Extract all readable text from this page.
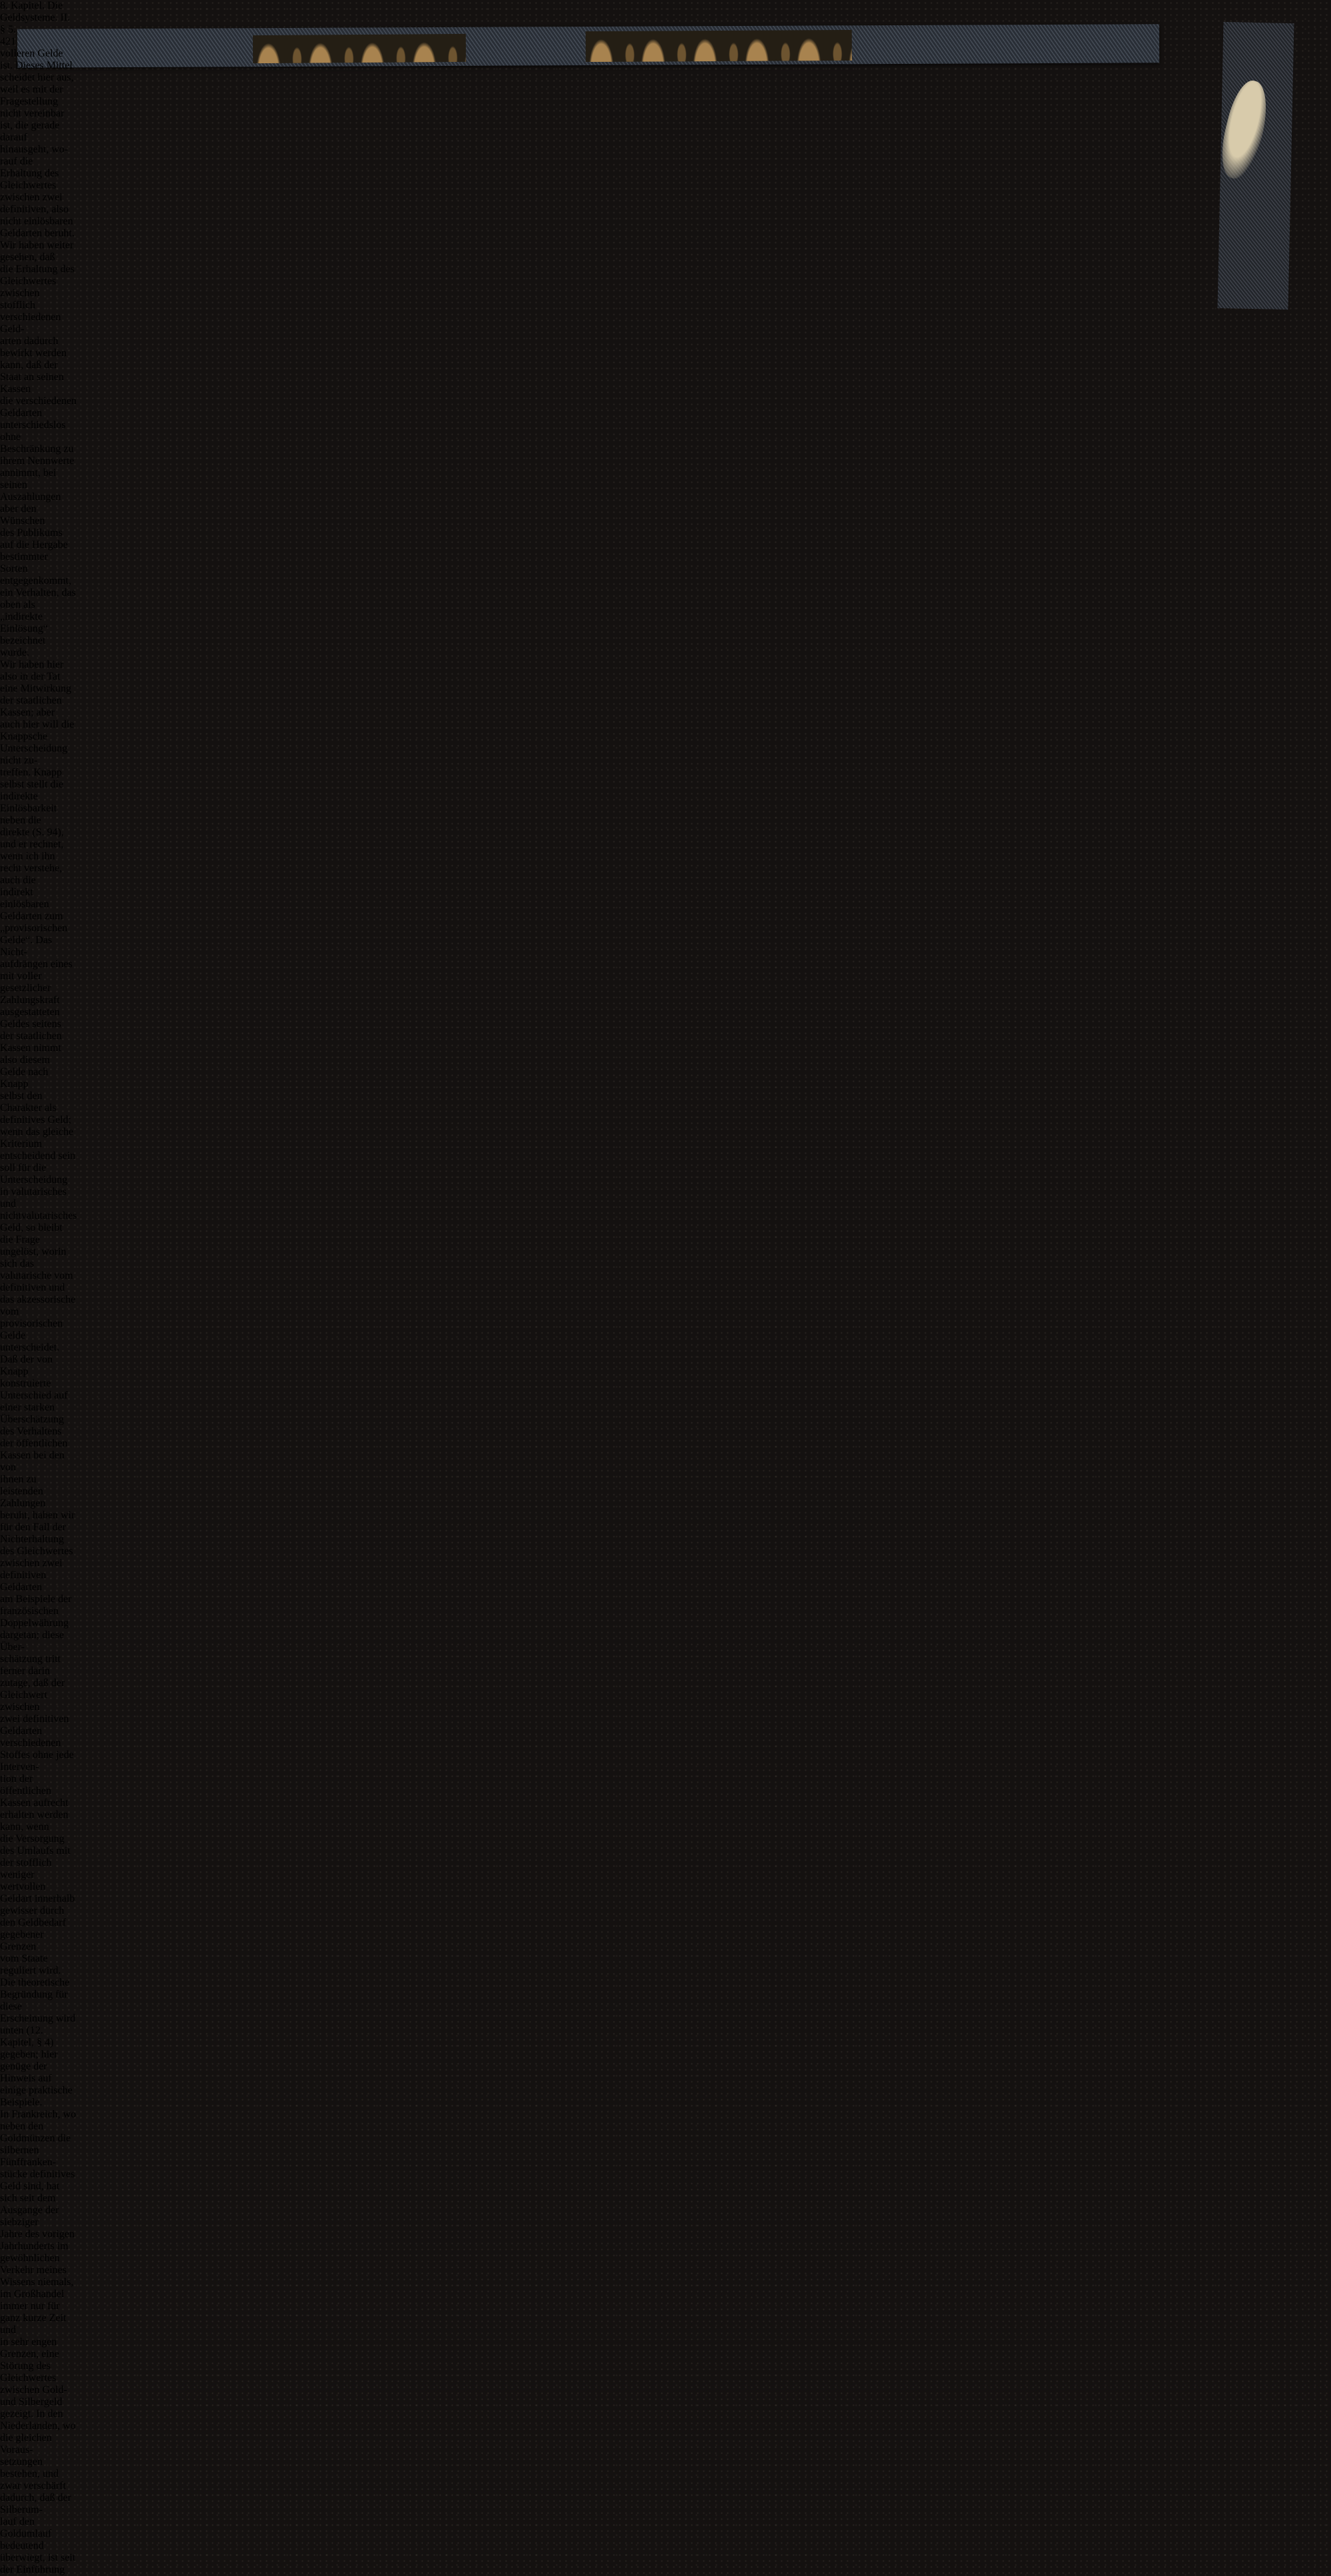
8. Kapitel. Die Geldsysteme. II. § 5.
421
volleren Gelde ist. Dieses Mittel scheidet hier aus, weil es mit der
Fragestellung nicht vereinbar ist, die gerade darauf hinausgeht, wo-
rauf die Erhaltung des Gleichwertes zwischen zwei definitiven, also
nicht einlösbaren Geldarten beruht. Wir haben weiter gesehen, daß
die Erhaltung des Gleichwertes zwischen stofflich verschiedenen Geld-
arten dadurch bewirkt werden kann, daß der Staat an seinen Kassen
die verschiedenen Geldarten unterschiedslos ohne Beschränkung zu
ihrem Nennwerte annimmt, bei seinen Auszahlungen aber den Wünschen
des Publikums auf die Hergabe bestimmter Sorten entgegenkommt,
ein Verhalten, das oben als „indirekte Einlösung“ bezeichnet wurde.
Wir haben hier also in der Tat eine Mitwirkung der staatlichen
Kassen; aber auch hier will die Knappsche Unterscheidung nicht zu-
treffen. Knapp selbst stellt die indirekte Einlösbarkeit neben die
direkte (S. 94), und er rechnet, wenn ich ihn recht verstehe, auch die
indirekt einlösbaren Geldarten zum „provisorischen Gelde“. Das Nicht-
aufdrängen eines mit voller gesetzlicher Zahlungskraft ausgestatteten
Geldes seitens der staatlichen Kassen nimmt also diesem Gelde nach Knapp
selbst den Charakter als definitives Geld; wenn das gleiche Kriterium
entscheidend sein soll für die Unterscheidung in valutarisches und
nichtvalutarisches Geld, so bleibt die Frage ungelöst, worin sich das
valutarische vom definitiven und das akzessorische vom provisorischen
Gelde unterscheidet.
Daß der von Knapp konstruierte Unterschied auf einer starken
Überschätzung des Verhaltens der öffentlichen Kassen bei den von
ihnen zu leistenden Zahlungen beruht, haben wir für den Fall der
Nichterhaltung des Gleichwertes zwischen zwei definitiven Geldarten
am Beispiele der französischen Doppelwährung dargetan; diese Über-
schätzung tritt ferner darin zutage, daß der Gleichwert zwischen
zwei definitiven Geldarten verschiedenen Stoffes ohne jede Interven-
tion der öffentlichen Kassen aufrecht erhalten werden kann, wenn
die Versorgung des Umlaufs mit der stofflich weniger wertvollen
Geldart innerhalb gewisser durch den Geldbedarf gegebener Grenzen
vom Staate reguliert wird. Die theoretische Begründung für diese
Erscheinung wird unten (12. Kapitel, § 4) gegeben; hier genüge der
Hinweis auf einige praktische Beispiele.
In Frankreich, wo neben den Goldmünzen die silbernen Fünffranken-
stücke definitives Geld sind, hat sich seit dem Ausgange der siebziger
Jahre des vorigen Jahrhunderts im gewöhnlichen Verkehr meines
Wissens niemals, im Großhandel immer nur für ganz kurze Zeit und
in sehr engen Grenzen, eine Störung des Gleichwertes zwischen Gold-
und Silbergeld gezeigt. In den Niederlanden, wo die gleichen Voraus-
setzungen bestehen, und zwar verschärft dadurch, daß der Silberum-
lauf den Goldumlauf bedeutend überwiegt, ist seit der Einführung
